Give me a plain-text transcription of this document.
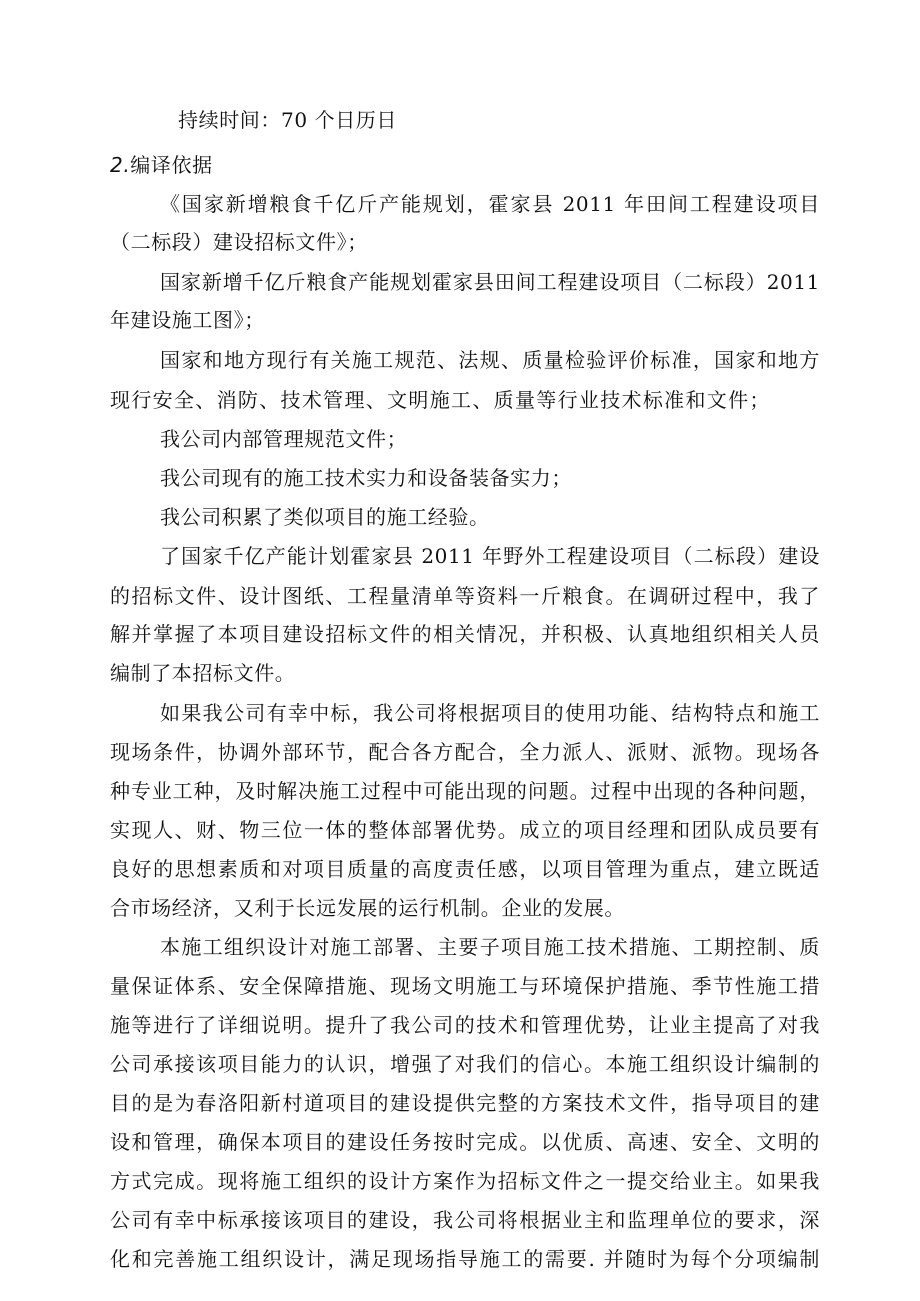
持续时间：70 个日历日
2.编译依据
《国家新增粮食千亿斤产能规划，霍家县 2011 年田间工程建设项目
（二标段）建设招标文件》；
国家新增千亿斤粮食产能规划霍家县田间工程建设项目（二标段）2011
年建设施工图》；
国家和地方现行有关施工规范、法规、质量检验评价标准，国家和地方
现行安全、消防、技术管理、文明施工、质量等行业技术标准和文件；
我公司内部管理规范文件；
我公司现有的施工技术实力和设备装备实力；
我公司积累了类似项目的施工经验。
了国家千亿产能计划霍家县 2011 年野外工程建设项目（二标段）建设
的招标文件、设计图纸、工程量清单等资料一斤粮食。在调研过程中，我了
解并掌握了本项目建设招标文件的相关情况，并积极、认真地组织相关人员
编制了本招标文件。
如果我公司有幸中标，我公司将根据项目的使用功能、结构特点和施工
现场条件，协调外部环节，配合各方配合，全力派人、派财、派物。现场各
种专业工种，及时解决施工过程中可能出现的问题。过程中出现的各种问题，
实现人、财、物三位一体的整体部署优势。成立的项目经理和团队成员要有
良好的思想素质和对项目质量的高度责任感，以项目管理为重点，建立既适
合市场经济，又利于长远发展的运行机制。企业的发展。
本施工组织设计对施工部署、主要子项目施工技术措施、工期控制、质
量保证体系、安全保障措施、现场文明施工与环境保护措施、季节性施工措
施等进行了详细说明。提升了我公司的技术和管理优势，让业主提高了对我
公司承接该项目能力的认识，增强了对我们的信心。本施工组织设计编制的
目的是为春洛阳新村道项目的建设提供完整的方案技术文件，指导项目的建
设和管理，确保本项目的建设任务按时完成。以优质、高速、安全、文明的
方式完成。现将施工组织的设计方案作为招标文件之一提交给业主。如果我
公司有幸中标承接该项目的建设，我公司将根据业主和监理单位的要求，深
化和完善施工组织设计，满足现场指导施工的需要. 并随时为每个分项编制
